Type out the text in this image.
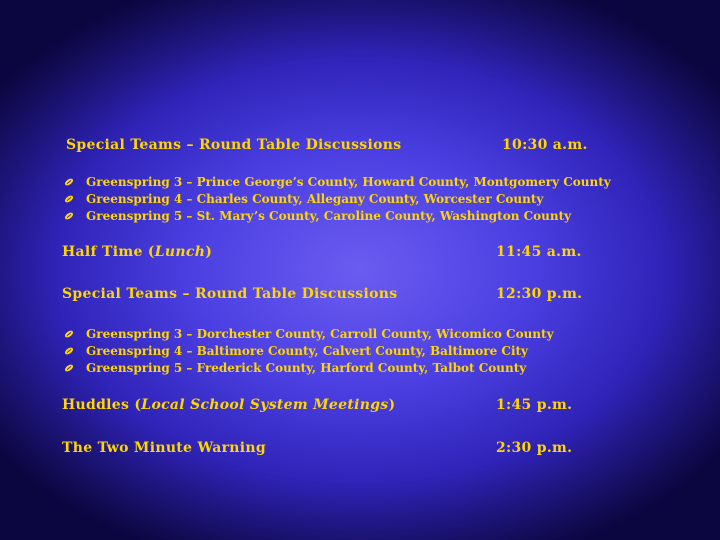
Special Teams – Round Table Discussions	10:30 a.m.
Greenspring 3 – Prince George’s County, Howard County, Montgomery County
Greenspring 4 – Charles County, Allegany County, Worcester County
Greenspring 5 – St. Mary’s County, Caroline County, Washington County
Half Time (Lunch)	11:45 a.m.
Special Teams – Round Table Discussions	12:30 p.m.
Greenspring 3 – Dorchester County, Carroll County, Wicomico County
Greenspring 4 – Baltimore County, Calvert County, Baltimore City
Greenspring 5 – Frederick County, Harford County, Talbot County
Huddles (Local School System Meetings)	1:45 p.m.
The Two Minute Warning	2:30 p.m.
